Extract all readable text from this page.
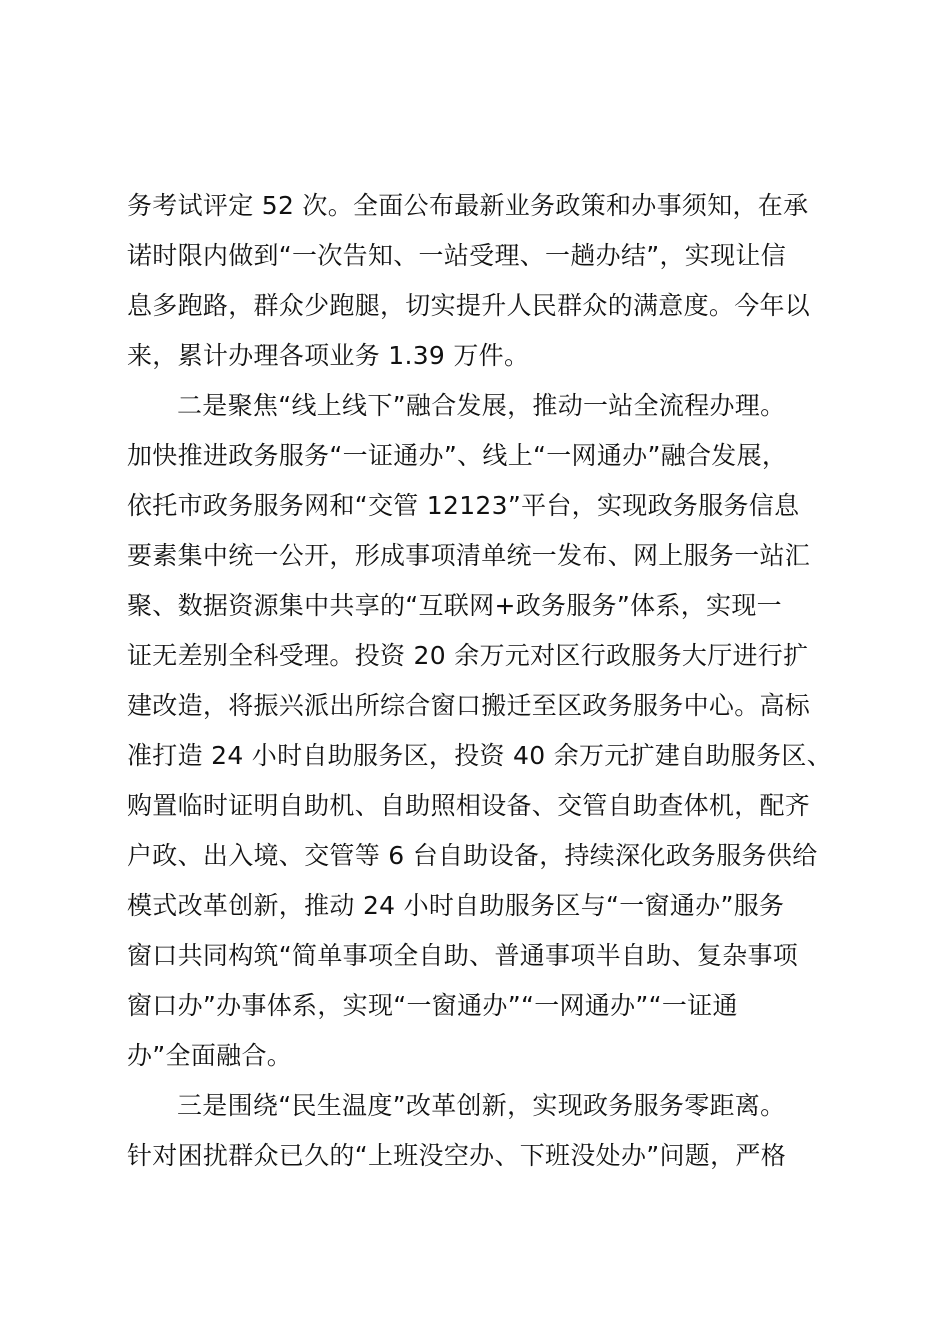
务考试评定 52 次。全面公布最新业务政策和办事须知，在承
诺时限内做到“一次告知、一站受理、一趟办结”，实现让信
息多跑路，群众少跑腿，切实提升人民群众的满意度。今年以
来，累计办理各项业务 1.39 万件。
二是聚焦“线上线下”融合发展，推动一站全流程办理。
加快推进政务服务“一证通办”、线上“一网通办”融合发展，
依托市政务服务网和“交管 12123”平台，实现政务服务信息
要素集中统一公开，形成事项清单统一发布、网上服务一站汇
聚、数据资源集中共享的“互联网+政务服务”体系，实现一
证无差别全科受理。投资 20 余万元对区行政服务大厅进行扩
建改造，将振兴派出所综合窗口搬迁至区政务服务中心。高标
准打造 24 小时自助服务区，投资 40 余万元扩建自助服务区、
购置临时证明自助机、自助照相设备、交管自助查体机，配齐
户政、出入境、交管等 6 台自助设备，持续深化政务服务供给
模式改革创新，推动 24 小时自助服务区与“一窗通办”服务
窗口共同构筑“简单事项全自助、普通事项半自助、复杂事项
窗口办”办事体系，实现“一窗通办”“一网通办”“一证通
办”全面融合。
三是围绕“民生温度”改革创新，实现政务服务零距离。
针对困扰群众已久的“上班没空办、下班没处办”问题，严格
